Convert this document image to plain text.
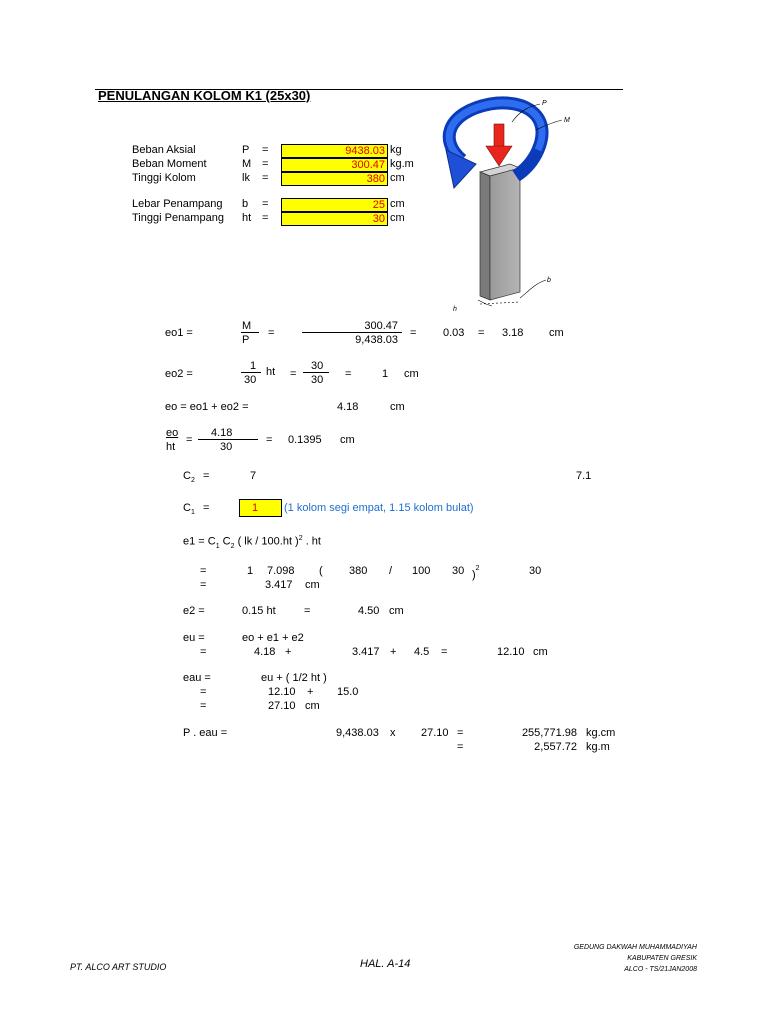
PENULANGAN KOLOM K1 (25x30)
Beban Aksial	P =	9438.03 kg
Beban Moment	M =	300.47 kg.m
Tinggi Kolom	lk =	380 cm
Lebar Penampang b =	25 cm
Tinggi Penampang ht =	30 cm
P
M
b
h
eo1 =
M
P
=
300.47
9,438.03
= 0.03 = 3.18 cm
eo2 =
1
30
ht =
30
30 =	1 cm
eo = eo1 + eo2 =	4.18	cm
eo
ht
=
4.18
30
= 0.1395 cm
$C_2$ =	7	7.1
$C_1$ =	1	(1 kolom segi empat, 1.15 kolom bulat)
$e1 = C_1$ $C_2$ ( lk / 100.ht )$^2$ . ht
=	1 7.098 ( 380 / 100 30 )$^2$	30
=	3.417 cm
e2 =	0.15 ht	=	4.50 cm
eu =	eo + e1 + e2
=	4.18 +	3.417 + 4.5 =	12.10 cm
eau =	eu + ( 1/2 ht )
=	12.10 + 15.0
=	27.10 cm
P . eau =	9,438.03 x 27.10 =	255,771.98 kg.cm
=	2,557.72 kg.m
PT. ALCO ART STUDIO	HAL. A-14
GEDUNG DAKWAH MUHAMMADIYAH
KABUPATEN GRESIK
ALCO - TS/21JAN2008
